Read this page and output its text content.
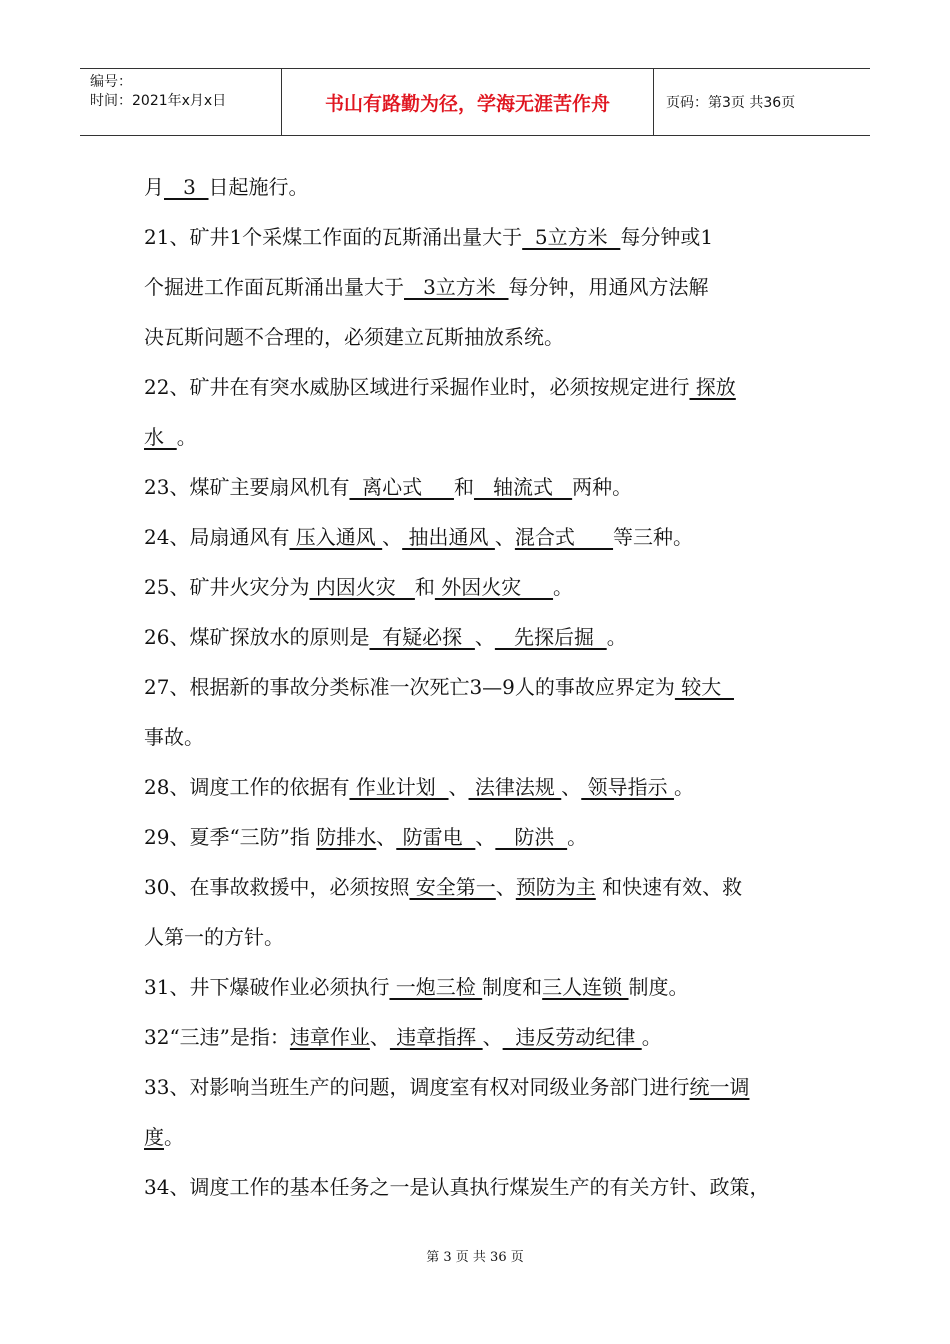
编号：
时间：2021年x月x日	书山有路勤为径，学海无涯苦作舟	页码：第3页 共36页
月   3  日起施行。
21、矿井1个采煤工作面的瓦斯涌出量大于  5立方米  每分钟或1
个掘进工作面瓦斯涌出量大于   3立方米  每分钟，用通风方法解
决瓦斯问题不合理的，必须建立瓦斯抽放系统。
22、矿井在有突水威胁区域进行采掘作业时，必须按规定进行 探放
水  。
23、煤矿主要扇风机有  离心式     和   轴流式   两种。
24、局扇通风有 压入通风 、 抽出通风 、混合式      等三种。
25、矿井火灾分为 内因火灾   和 外因火灾     。
26、煤矿探放水的原则是  有疑必探  、   先探后掘  。
27、根据新的事故分类标准一次死亡3—9人的事故应界定为 较大
事故。
28、调度工作的依据有 作业计划  、 法律法规 、 领导指示 。
29、夏季“三防”指 防排水、 防雷电  、   防洪  。
30、在事故救援中，必须按照 安全第一、预防为主 和快速有效、救
人第一的方针。
31、井下爆破作业必须执行 一炮三检 制度和三人连锁 制度。
32“三违”是指：违章作业、 违章指挥 、  违反劳动纪律 。
33、对影响当班生产的问题，调度室有权对同级业务部门进行统一调
度。
34、调度工作的基本任务之一是认真执行煤炭生产的有关方针、政策，
第 3 页 共 36 页
